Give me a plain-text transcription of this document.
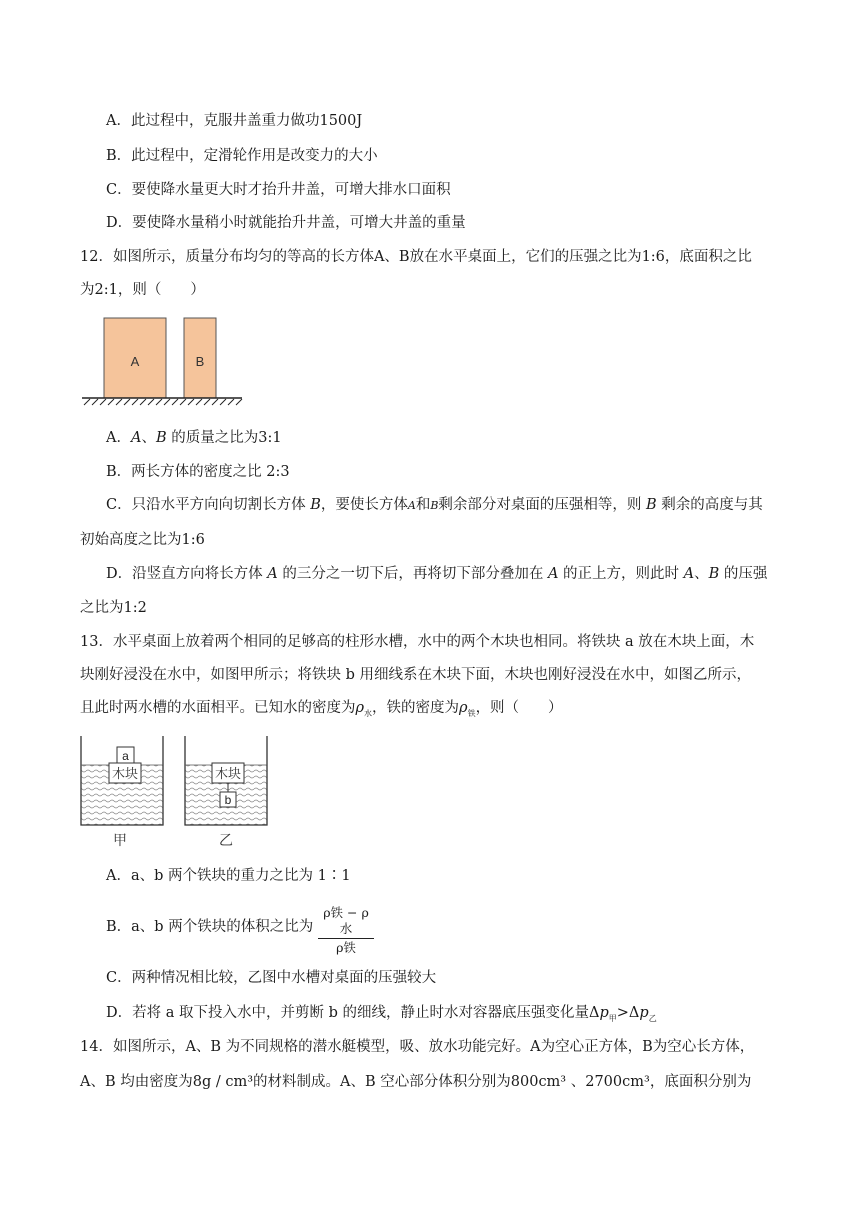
A．此过程中，克服井盖重力做功1500J
B．此过程中，定滑轮作用是改变力的大小
C．要使降水量更大时才抬升井盖，可增大排水口面积
D．要使降水量稍小时就能抬升井盖，可增大井盖的重量
12．如图所示，质量分布均匀的等高的长方体A、B放在水平桌面上，它们的压强之比为1:6，底面积之比
为2:1，则（　　）
A	B
A．A、B 的质量之比为3:1
B．两长方体的密度之比 2:3
C．只沿水平方向向切割长方体 B，要使长方体A和B剩余部分对桌面的压强相等，则 B 剩余的高度与其
初始高度之比为1:6
D．沿竖直方向将长方体 A 的三分之一切下后，再将切下部分叠加在 A 的正上方，则此时 A、B 的压强
之比为1:2
13．水平桌面上放着两个相同的足够高的柱形水槽，水中的两个木块也相同。将铁块 a 放在木块上面，木
块刚好浸没在水中，如图甲所示；将铁块 b 用细线系在木块下面，木块也刚好浸没在水中，如图乙所示，
且此时两水槽的水面相平。已知水的密度为$\rho_水$，铁的密度为$\rho_铁$，则（　　）
木块
a
甲
木块
b
乙
A．a、b 两个铁块的重力之比为 1∶1
B．a、b 两个铁块的体积之比为
ρ铁 − ρ水
ρ铁
C．两种情况相比较，乙图中水槽对桌面的压强较大
D．若将 a 取下投入水中，并剪断 b 的细线，静止时水对容器底压强变化量$\Delta p_甲>\Delta p_乙$
14．如图所示，A、B 为不同规格的潜水艇模型，吸、放水功能完好。A为空心正方体，B为空心长方体，
A、B 均由密度为8g / cm³的材料制成。A、B 空心部分体积分别为800cm³ 、2700cm³，底面积分别为
